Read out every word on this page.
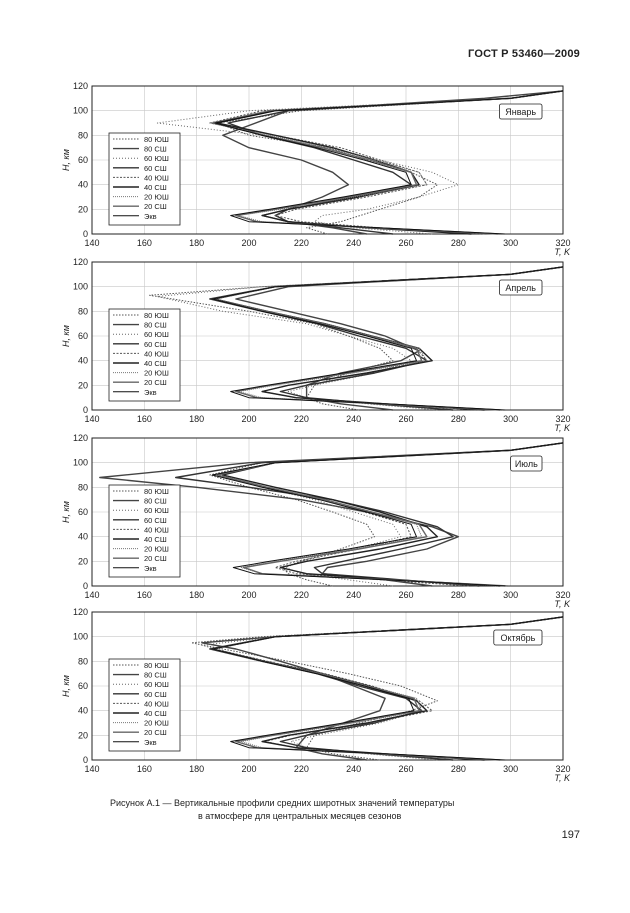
ГОСТ Р 53460—2009
140	160	180	200	220	240	260	280	300	320
0
20
40
60
80
100
120
T, K
H, км
Январь
80 ЮШ
80 СШ
60 ЮШ
60 СШ
40 ЮШ
40 СШ
20 ЮШ
20 СШ
Экв
140	160	180	200	220	240	260	280	300	320
0
20
40
60
80
100
120
T, K
H, км
Апрель
80 ЮШ
80 СШ
60 ЮШ
60 СШ
40 ЮШ
40 СШ
20 ЮШ
20 СШ
Экв
140	160	180	200	220	240	260	280	300	320
0
20
40
60
80
100
120
T, K
H, км
Июль
80 ЮШ
80 СШ
60 ЮШ
60 СШ
40 ЮШ
40 СШ
20 ЮШ
20 СШ
Экв
140	160	180	200	220	240	260	280	300	320
0
20
40
60
80
100
120
T, K
H, км
Октябрь
80 ЮШ
80 СШ
60 ЮШ
60 СШ
40 ЮШ
40 СШ
20 ЮШ
20 СШ
Экв
Рисунок А.1 — Вертикальные профили средних широтных значений температуры
в атмосфере для центральных месяцев сезонов
197
